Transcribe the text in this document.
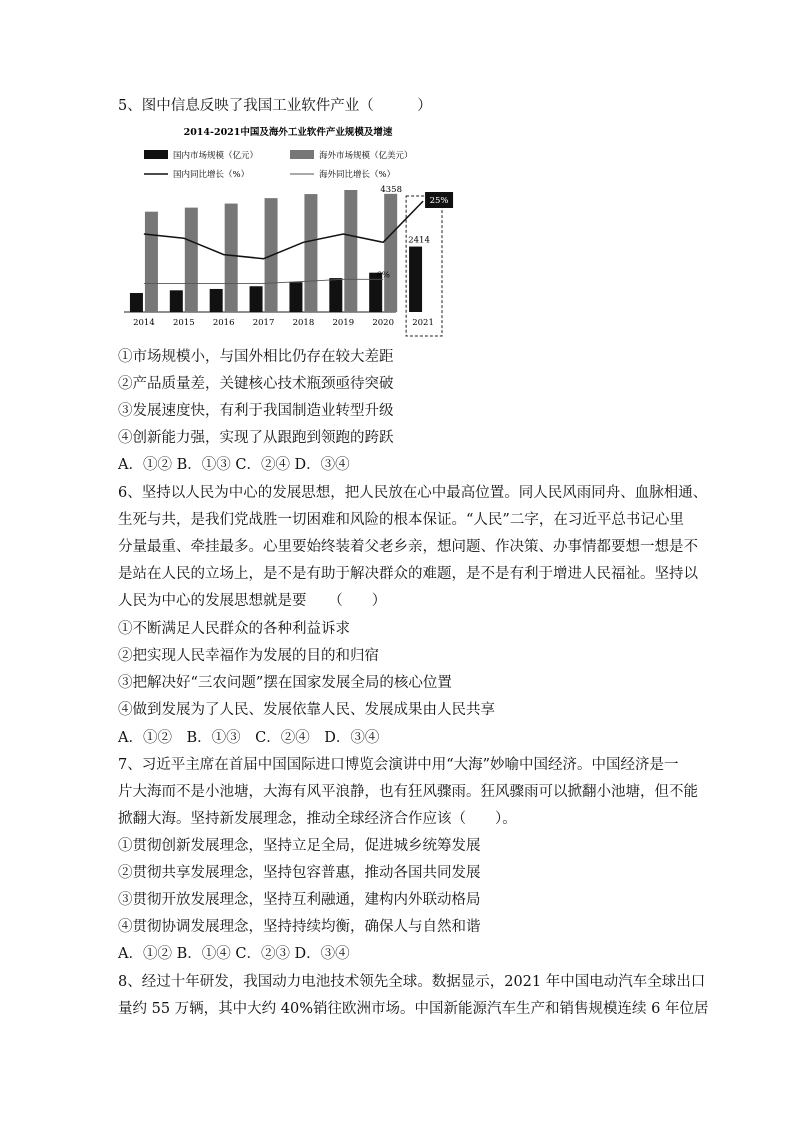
5、图中信息反映了我国工业软件产业（　　　）
2014-2021中国及海外工业软件产业规模及增速
国内市场规模（亿元）	海外市场规模（亿美元）
国内同比增长（%）	海外同比增长（%）
2014 2015 2016 2017 2018 2019 2020 2021
4358
6%
2414
25%
①市场规模小，与国外相比仍存在较大差距
②产品质量差，关键核心技术瓶颈亟待突破
③发展速度快，有利于我国制造业转型升级
④创新能力强，实现了从跟跑到领跑的跨跃
A．①② B．①③ C．②④ D．③④
6、坚持以人民为中心的发展思想，把人民放在心中最高位置。同人民风雨同舟、血脉相通、
生死与共，是我们党战胜一切困难和风险的根本保证。“人民”二字，在习近平总书记心里
分量最重、牵挂最多。心里要始终装着父老乡亲，想问题、作决策、办事情都要想一想是不
是站在人民的立场上，是不是有助于解决群众的难题，是不是有利于增进人民福祉。坚持以
人民为中心的发展思想就是要　　（　　）
①不断满足人民群众的各种利益诉求
②把实现人民幸福作为发展的目的和归宿
③把解决好“三农问题”摆在国家发展全局的核心位置
④做到发展为了人民、发展依靠人民、发展成果由人民共享
A．①②　B．①③　C．②④　D．③④
7、习近平主席在首届中国国际进口博览会演讲中用“大海”妙喻中国经济。中国经济是一
片大海而不是小池塘，大海有风平浪静，也有狂风骤雨。狂风骤雨可以掀翻小池塘，但不能
掀翻大海。坚持新发展理念，推动全球经济合作应该（　　）。
①贯彻创新发展理念，坚持立足全局，促进城乡统筹发展
②贯彻共享发展理念，坚持包容普惠，推动各国共同发展
③贯彻开放发展理念，坚持互利融通，建构内外联动格局
④贯彻协调发展理念，坚持持续均衡，确保人与自然和谐
A．①② B．①④ C．②③ D．③④
8、经过十年研发，我国动力电池技术领先全球。数据显示，2021 年中国电动汽车全球出口
量约 55 万辆，其中大约 40%销往欧洲市场。中国新能源汽车生产和销售规模连续 6 年位居
